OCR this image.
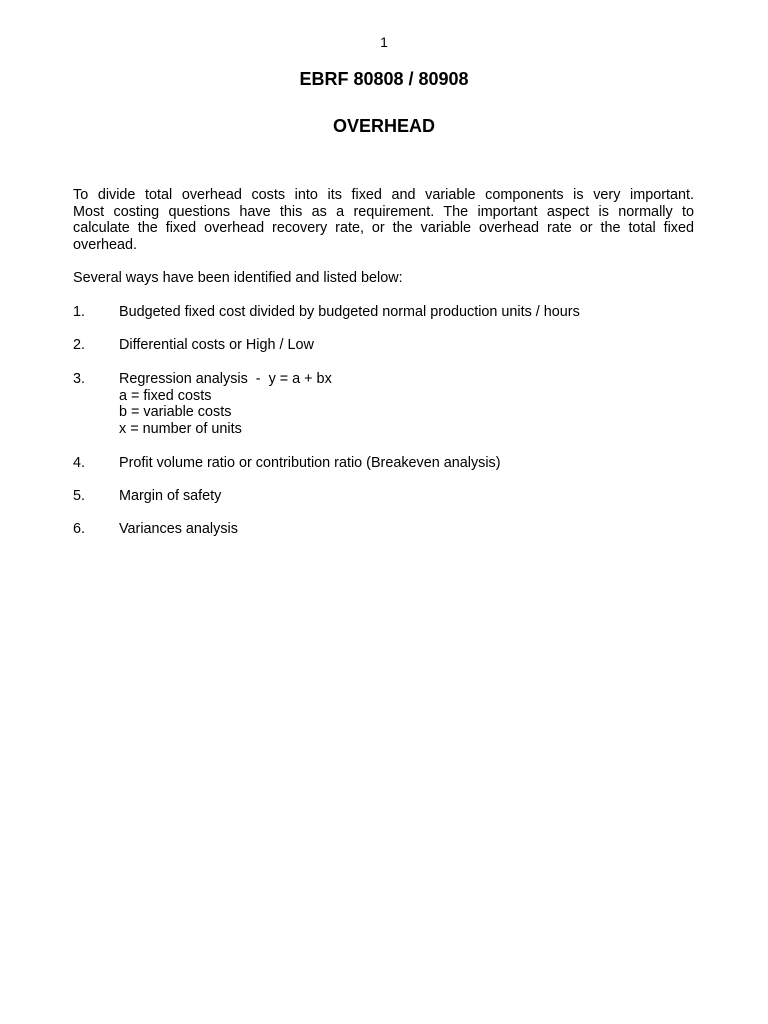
1
EBRF 80808 / 80908
OVERHEAD
To divide total overhead costs into its fixed and variable components is very important.
Most costing questions have this as a requirement. The important aspect is normally to
calculate the fixed overhead recovery rate, or the variable overhead rate or the total fixed
overhead.
Several ways have been identified and listed below:
1. Budgeted fixed cost divided by budgeted normal production units / hours
2. Differential costs or High / Low
3. Regression analysis  -  y = a + bx
a = fixed costs
b = variable costs
x = number of units
4. Profit volume ratio or contribution ratio (Breakeven analysis)
5. Margin of safety
6. Variances analysis
